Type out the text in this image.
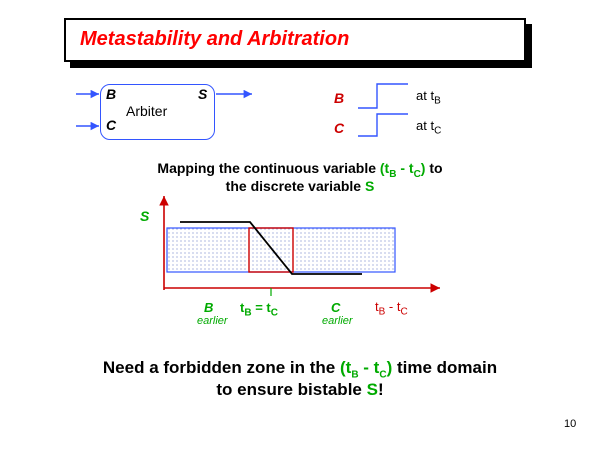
Metastability and Arbitration
Arbiter
B
C
S	B
C
at $t_B$
at $t_C$
Mapping the continuous variable $(t_B - t_C)$ to
the discrete variable S
S
B
earlier
$t_B = t_C$	C
earlier
$t_B - t_C$
Need a forbidden zone in the $(t_B - t_C)$ time domain
to ensure bistable S!
10
